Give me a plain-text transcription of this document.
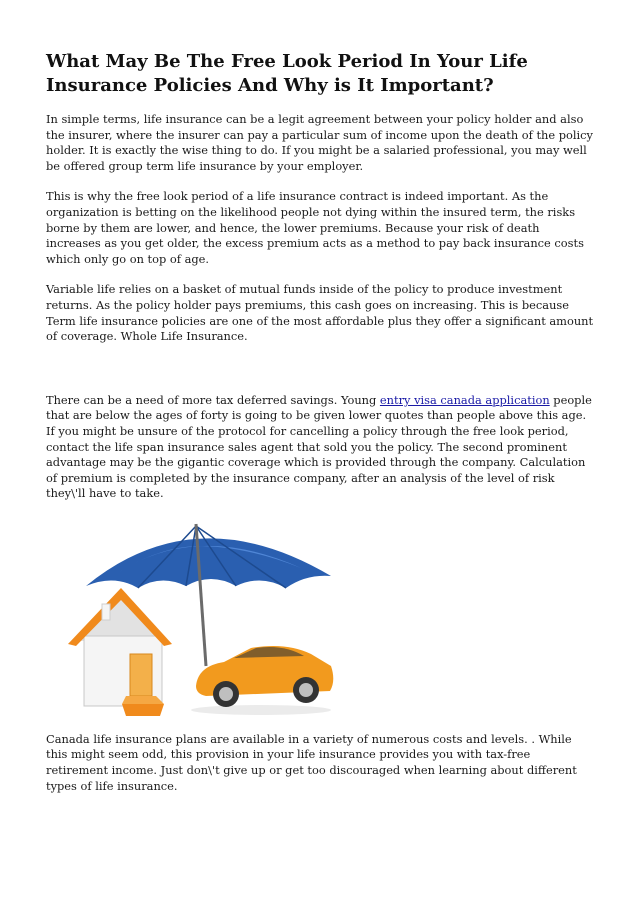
What May Be The Free Look Period In Your Life Insurance Policies And Why is It Important?

In simple terms, life insurance can be a legit agreement between your policy holder and also the insurer, where the insurer can pay a particular sum of income upon the death of the policy holder. It is exactly the wise thing to do. If you might be a salaried professional, you may well be offered group term life insurance by your employer.

This is why the free look period of a life insurance contract is indeed important. As the organization is betting on the likelihood people not dying within the insured term, the risks borne by them are lower, and hence, the lower premiums. Because your risk of death increases as you get older, the excess premium acts as a method to pay back insurance costs which only go on top of age.

Variable life relies on a basket of mutual funds inside of the policy to produce investment returns. As the policy holder pays premiums, this cash goes on increasing. This is because Term life insurance policies are one of the most affordable plus they offer a significant amount of coverage. Whole Life Insurance.

There can be a need of more tax deferred savings. Young entry visa canada application people that are below the ages of forty is going to be given lower quotes than people above this age. If you might be unsure of the protocol for cancelling a policy through the free look period, contact the life span insurance sales agent that sold you the policy. The second prominent advantage may be the gigantic coverage which is provided through the company. Calculation of premium is completed by the insurance company, after an analysis of the level of risk they\'ll have to take.

Canada life insurance plans are available in a variety of numerous costs and levels. . While this might seem odd, this provision in your life insurance provides you with tax-free retirement income. Just don\'t give up or get too discouraged when learning about different types of life insurance.
